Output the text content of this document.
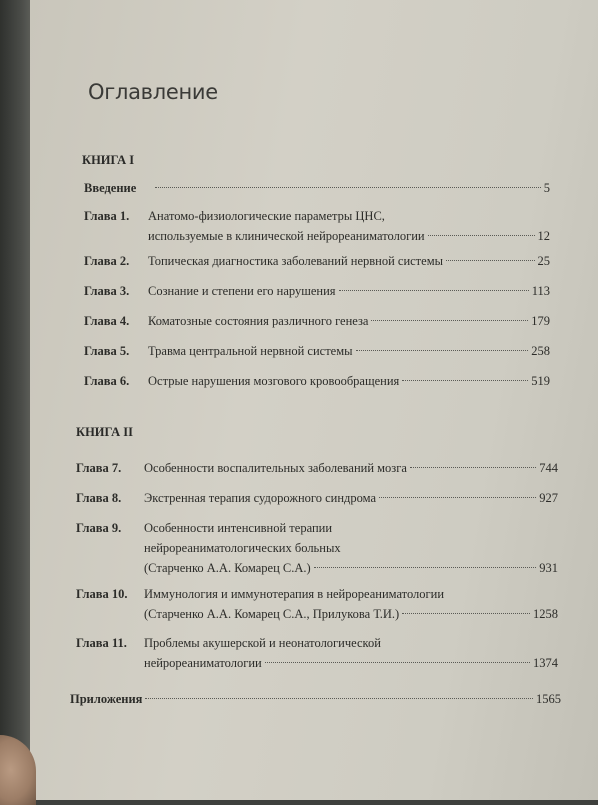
Оглавление
КНИГА I
Введение	5
Глава 1. Анатомо-физиологические параметры ЦНС,
используемые в клинической нейрореаниматологии	12
Глава 2. Топическая диагностика заболеваний нервной системы	25
Глава 3. Сознание и степени его нарушения	113
Глава 4. Коматозные состояния различного генеза	179
Глава 5. Травма центральной нервной системы	258
Глава 6. Острые нарушения мозгового кровообращения	519
КНИГА II
Глава 7. Особенности воспалительных заболеваний мозга	744
Глава 8. Экстренная терапия судорожного синдрома	927
Глава 9. Особенности интенсивной терапии
нейрореаниматологических больных
(Старченко А.А. Комарец С.А.)	931
Глава 10. Иммунология и иммунотерапия в нейрореаниматологии
(Старченко А.А. Комарец С.А., Прилукова Т.И.)	1258
Глава 11. Проблемы акушерской и неонатологической
нейрореаниматологии	1374
Приложения	1565
